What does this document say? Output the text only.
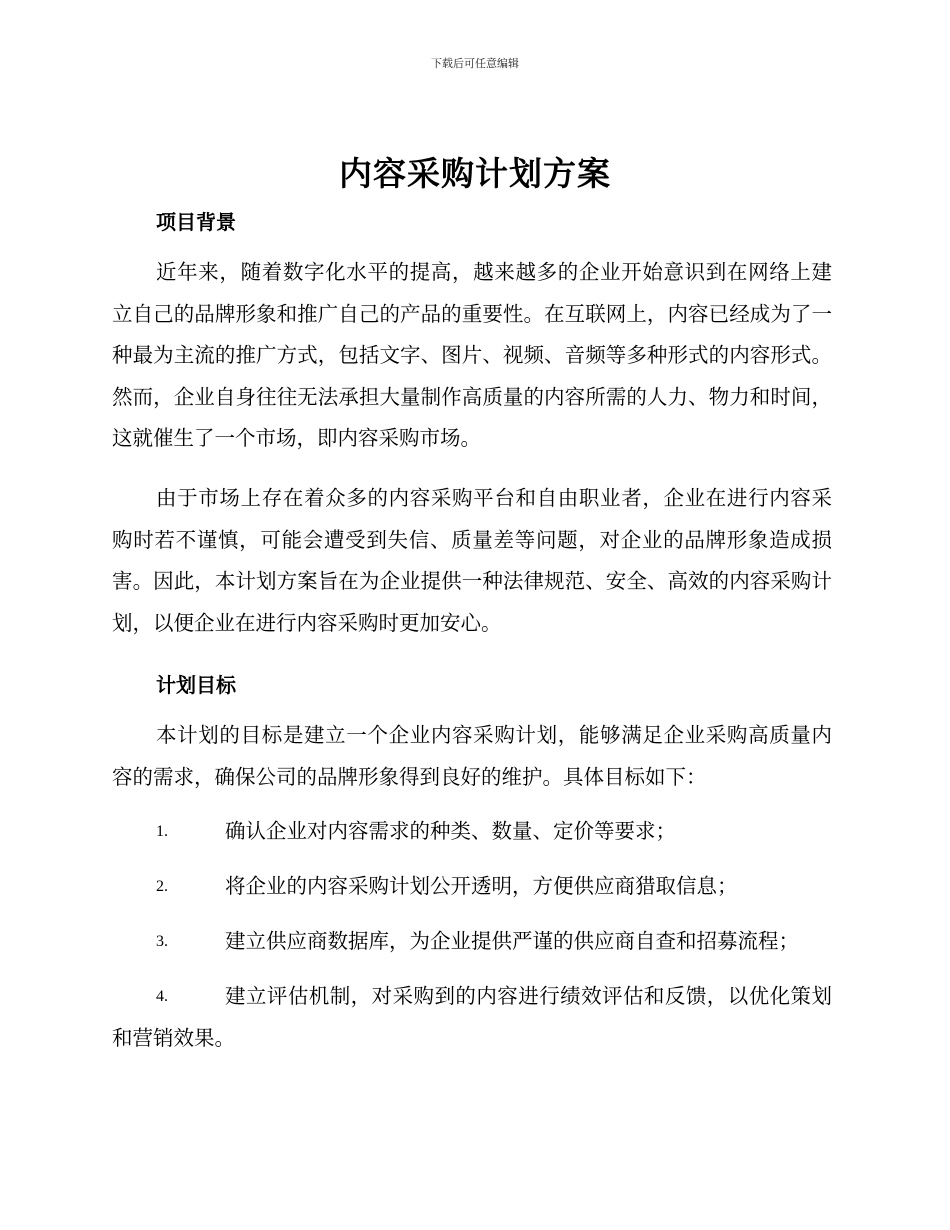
下载后可任意编辑
内容采购计划方案
项目背景
近年来，随着数字化水平的提高，越来越多的企业开始意识到在网络上建立自己的品牌形象和推广自己的产品的重要性。在互联网上，内容已经成为了一种最为主流的推广方式，包括文字、图片、视频、音频等多种形式的内容形式。然而，企业自身往往无法承担大量制作高质量的内容所需的人力、物力和时间，这就催生了一个市场，即内容采购市场。
由于市场上存在着众多的内容采购平台和自由职业者，企业在进行内容采购时若不谨慎，可能会遭受到失信、质量差等问题，对企业的品牌形象造成损害。因此，本计划方案旨在为企业提供一种法律规范、安全、高效的内容采购计划，以便企业在进行内容采购时更加安心。
计划目标
本计划的目标是建立一个企业内容采购计划，能够满足企业采购高质量内容的需求，确保公司的品牌形象得到良好的维护。具体目标如下：
1.	确认企业对内容需求的种类、数量、定价等要求；
2.	将企业的内容采购计划公开透明，方便供应商猎取信息；
3.	建立供应商数据库，为企业提供严谨的供应商自查和招募流程；
4.	建立评估机制，对采购到的内容进行绩效评估和反馈，以优化策划和营销效果。
